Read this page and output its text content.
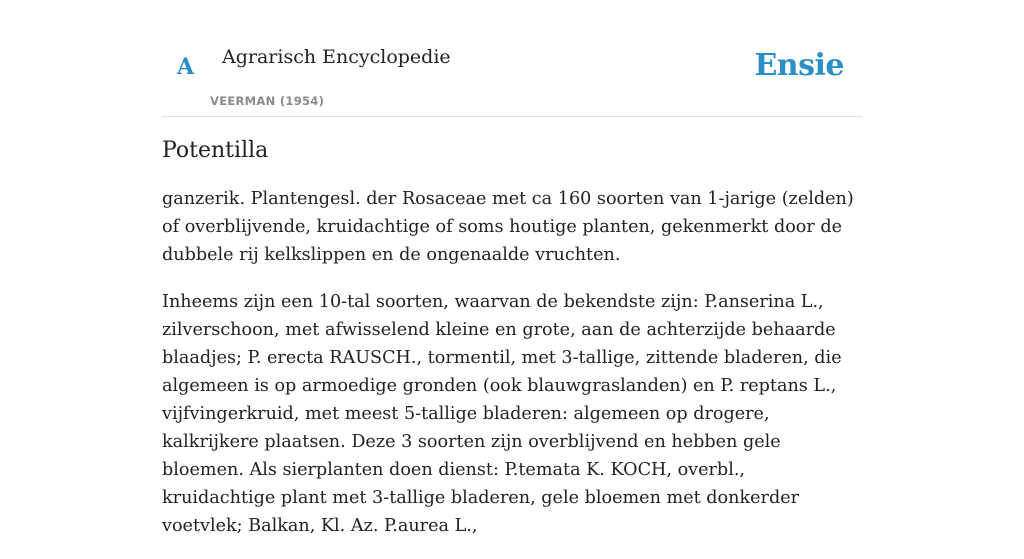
A Agrarisch Encyclopedie
VEERMAN (1954)
Ensie
Potentilla

ganzerik. Plantengesl. der Rosaceae met ca 160 soorten van 1-jarige (zelden) of overblijvende, kruidachtige of soms houtige planten, gekenmerkt door de dubbele rij kelkslippen en de ongenaalde vruchten.

Inheems zijn een 10-tal soorten, waarvan de bekendste zijn: P.anserina L., zilverschoon, met afwisselend kleine en grote, aan de achterzijde behaarde blaadjes; P. erecta RAUSCH., tormentil, met 3-tallige, zittende bladeren, die algemeen is op armoedige gronden (ook blauwgraslanden) en P. reptans L., vijfvingerkruid, met meest 5-tallige bladeren: algemeen op drogere, kalkrijkere plaatsen. Deze 3 soorten zijn overblijvend en hebben gele bloemen. Als sierplanten doen dienst: P.temata K. KOCH, overbl., kruidachtige plant met 3-tallige bladeren, gele bloemen met donkerder voetvlek; Balkan, Kl. Az. P.aurea L.,
